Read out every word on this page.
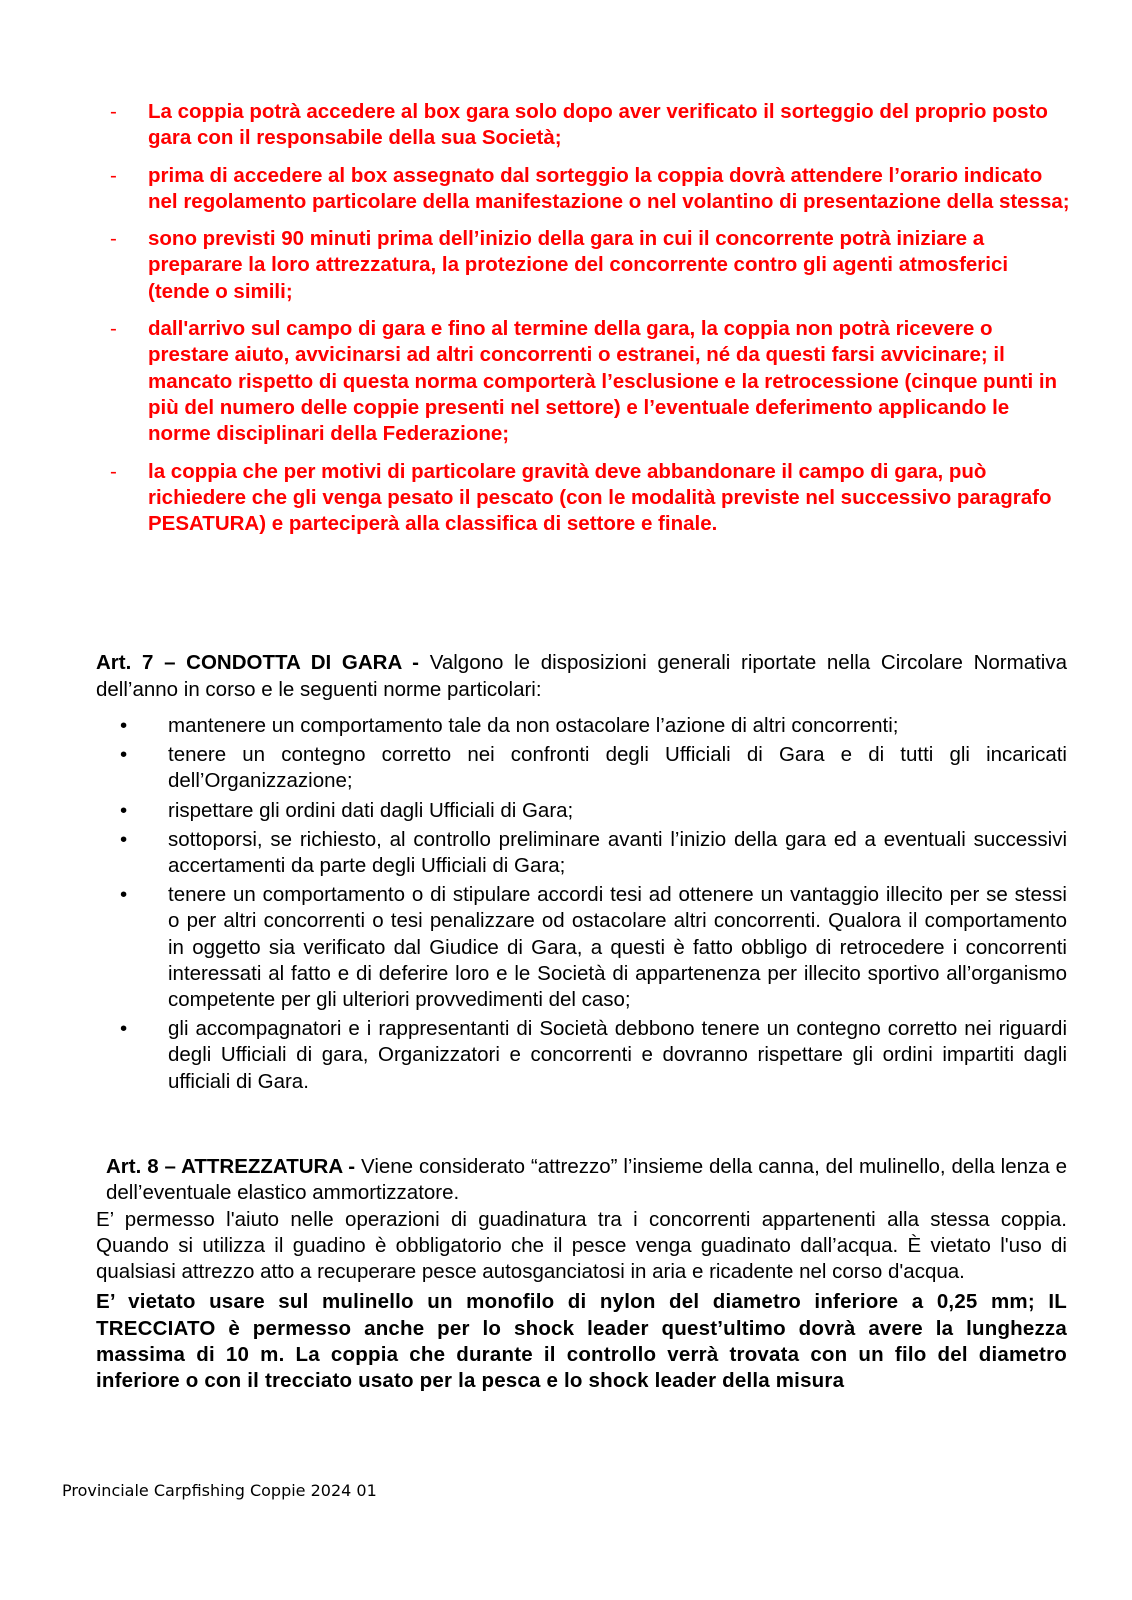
- La coppia potrà accedere al box gara solo dopo aver verificato il sorteggio del proprio posto gara con il responsabile della sua Società;
- prima di accedere al box assegnato dal sorteggio la coppia dovrà attendere l’orario indicato nel regolamento particolare della manifestazione o nel volantino di presentazione della stessa;
- sono previsti 90 minuti prima dell’inizio della gara in cui il concorrente potrà iniziare a preparare la loro attrezzatura, la protezione del concorrente contro gli agenti atmosferici (tende o simili;
- dall'arrivo sul campo di gara e fino al termine della gara, la coppia non potrà ricevere o prestare aiuto, avvicinarsi ad altri concorrenti o estranei, né da questi farsi avvicinare; il mancato rispetto di questa norma comporterà l’esclusione e la retrocessione (cinque punti in più del numero delle coppie presenti nel settore) e l’eventuale deferimento applicando le norme disciplinari della Federazione;
- la coppia che per motivi di particolare gravità deve abbandonare il campo di gara, può richiedere che gli venga pesato il pescato (con le modalità previste nel successivo paragrafo PESATURA) e parteciperà alla classifica di settore e finale.
Art. 7 – CONDOTTA DI GARA - Valgono le disposizioni generali riportate nella Circolare Normativa dell’anno in corso e le seguenti norme particolari:
• mantenere un comportamento tale da non ostacolare l’azione di altri concorrenti;
• tenere un contegno corretto nei confronti degli Ufficiali di Gara e di tutti gli incaricati dell’Organizzazione;
• rispettare gli ordini dati dagli Ufficiali di Gara;
• sottoporsi, se richiesto, al controllo preliminare avanti l’inizio della gara ed a eventuali successivi accertamenti da parte degli Ufficiali di Gara;
• tenere un comportamento o di stipulare accordi tesi ad ottenere un vantaggio illecito per se stessi o per altri concorrenti o tesi penalizzare od ostacolare altri concorrenti. Qualora il comportamento in oggetto sia verificato dal Giudice di Gara, a questi è fatto obbligo di retrocedere i concorrenti interessati al fatto e di deferire loro e le Società di appartenenza per illecito sportivo all’organismo competente per gli ulteriori provvedimenti del caso;
• gli accompagnatori e i rappresentanti di Società debbono tenere un contegno corretto nei riguardi degli Ufficiali di gara, Organizzatori e concorrenti e dovranno rispettare gli ordini impartiti dagli ufficiali di Gara.

Art. 8 – ATTREZZATURA - Viene considerato “attrezzo” l’insieme della canna, del mulinello, della lenza e dell’eventuale elastico ammortizzatore.

E’ permesso l'aiuto nelle operazioni di guadinatura tra i concorrenti appartenenti alla stessa coppia. Quando si utilizza il guadino è obbligatorio che il pesce venga guadinato dall’acqua. È vietato l'uso di qualsiasi attrezzo atto a recuperare pesce autosganciatosi in aria e ricadente nel corso d'acqua.

E’ vietato usare sul mulinello un monofilo di nylon del diametro inferiore a 0,25 mm; IL TRECCIATO è permesso anche per lo shock leader quest’ultimo dovrà avere la lunghezza massima di 10 m. La coppia che durante il controllo verrà trovata con un filo del diametro inferiore o con il trecciato usato per la pesca e lo shock leader della misura

Provinciale Carpfishing Coppie 2024 01
